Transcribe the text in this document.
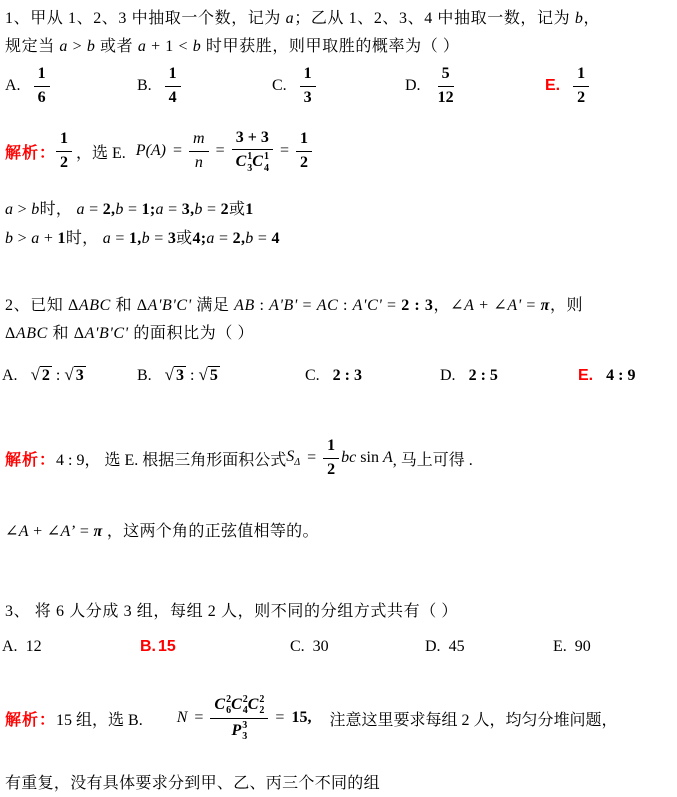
1、甲从 1、2、3 中抽取一个数，记为 a；乙从 1、2、3、4 中抽取一数，记为 b，
规定当 a > b 或者 a + 1 < b 时甲获胜，则甲取胜的概率为（ ）
A. $\frac{1}{6}$	B. $\frac{1}{4}$	C. $\frac{1}{3}$	D. $\frac{5}{12}$	E. $\frac{1}{2}$
解析： $\frac{1}{2}$ ，选 E. $P(A) = \frac{m}{n} = 3 + 3$
C 1
3 C 1
$4 = \frac{1}{2}$
a > b时， a = 2,b = 1;a = 3,b = 2或1
b > a + 1时， a = 1,b = 3或4;a = 2,b = 4
2、已知 ΔABC 和 ΔA'B'C' 满足 AB : A'B' = AC : A'C' = 2 : 3，∠A + ∠A' = π，则
ΔABC 和 ΔA'B'C' 的面积比为（ ）
A. √ 2 : √ 3	B. √ 3 : √ 5	C. 2 : 3	D. 2 : 5	E. 4 : 9
解析： 4 : 9， 选 E. 根据三角形面积公式 $S_\Delta = \frac{1}{2}$ bc sin A , 马上可得 .
∠A + ∠A’ = π ，这两个角的正弦值相等的。
3、 将 6 人分成 3 组，每组 2 人，则不同的分组方式共有（ ）
A. 12	B. 15	C. 30	D. 45	E. 90
解析： 15 组，选 B. N = C 2
6 C 2
4 C 2
2
P 3
3 = 15, 注意这里要求每组 2 人，均匀分堆问题，
有重复，没有具体要求分到甲、乙、丙三个不同的组
